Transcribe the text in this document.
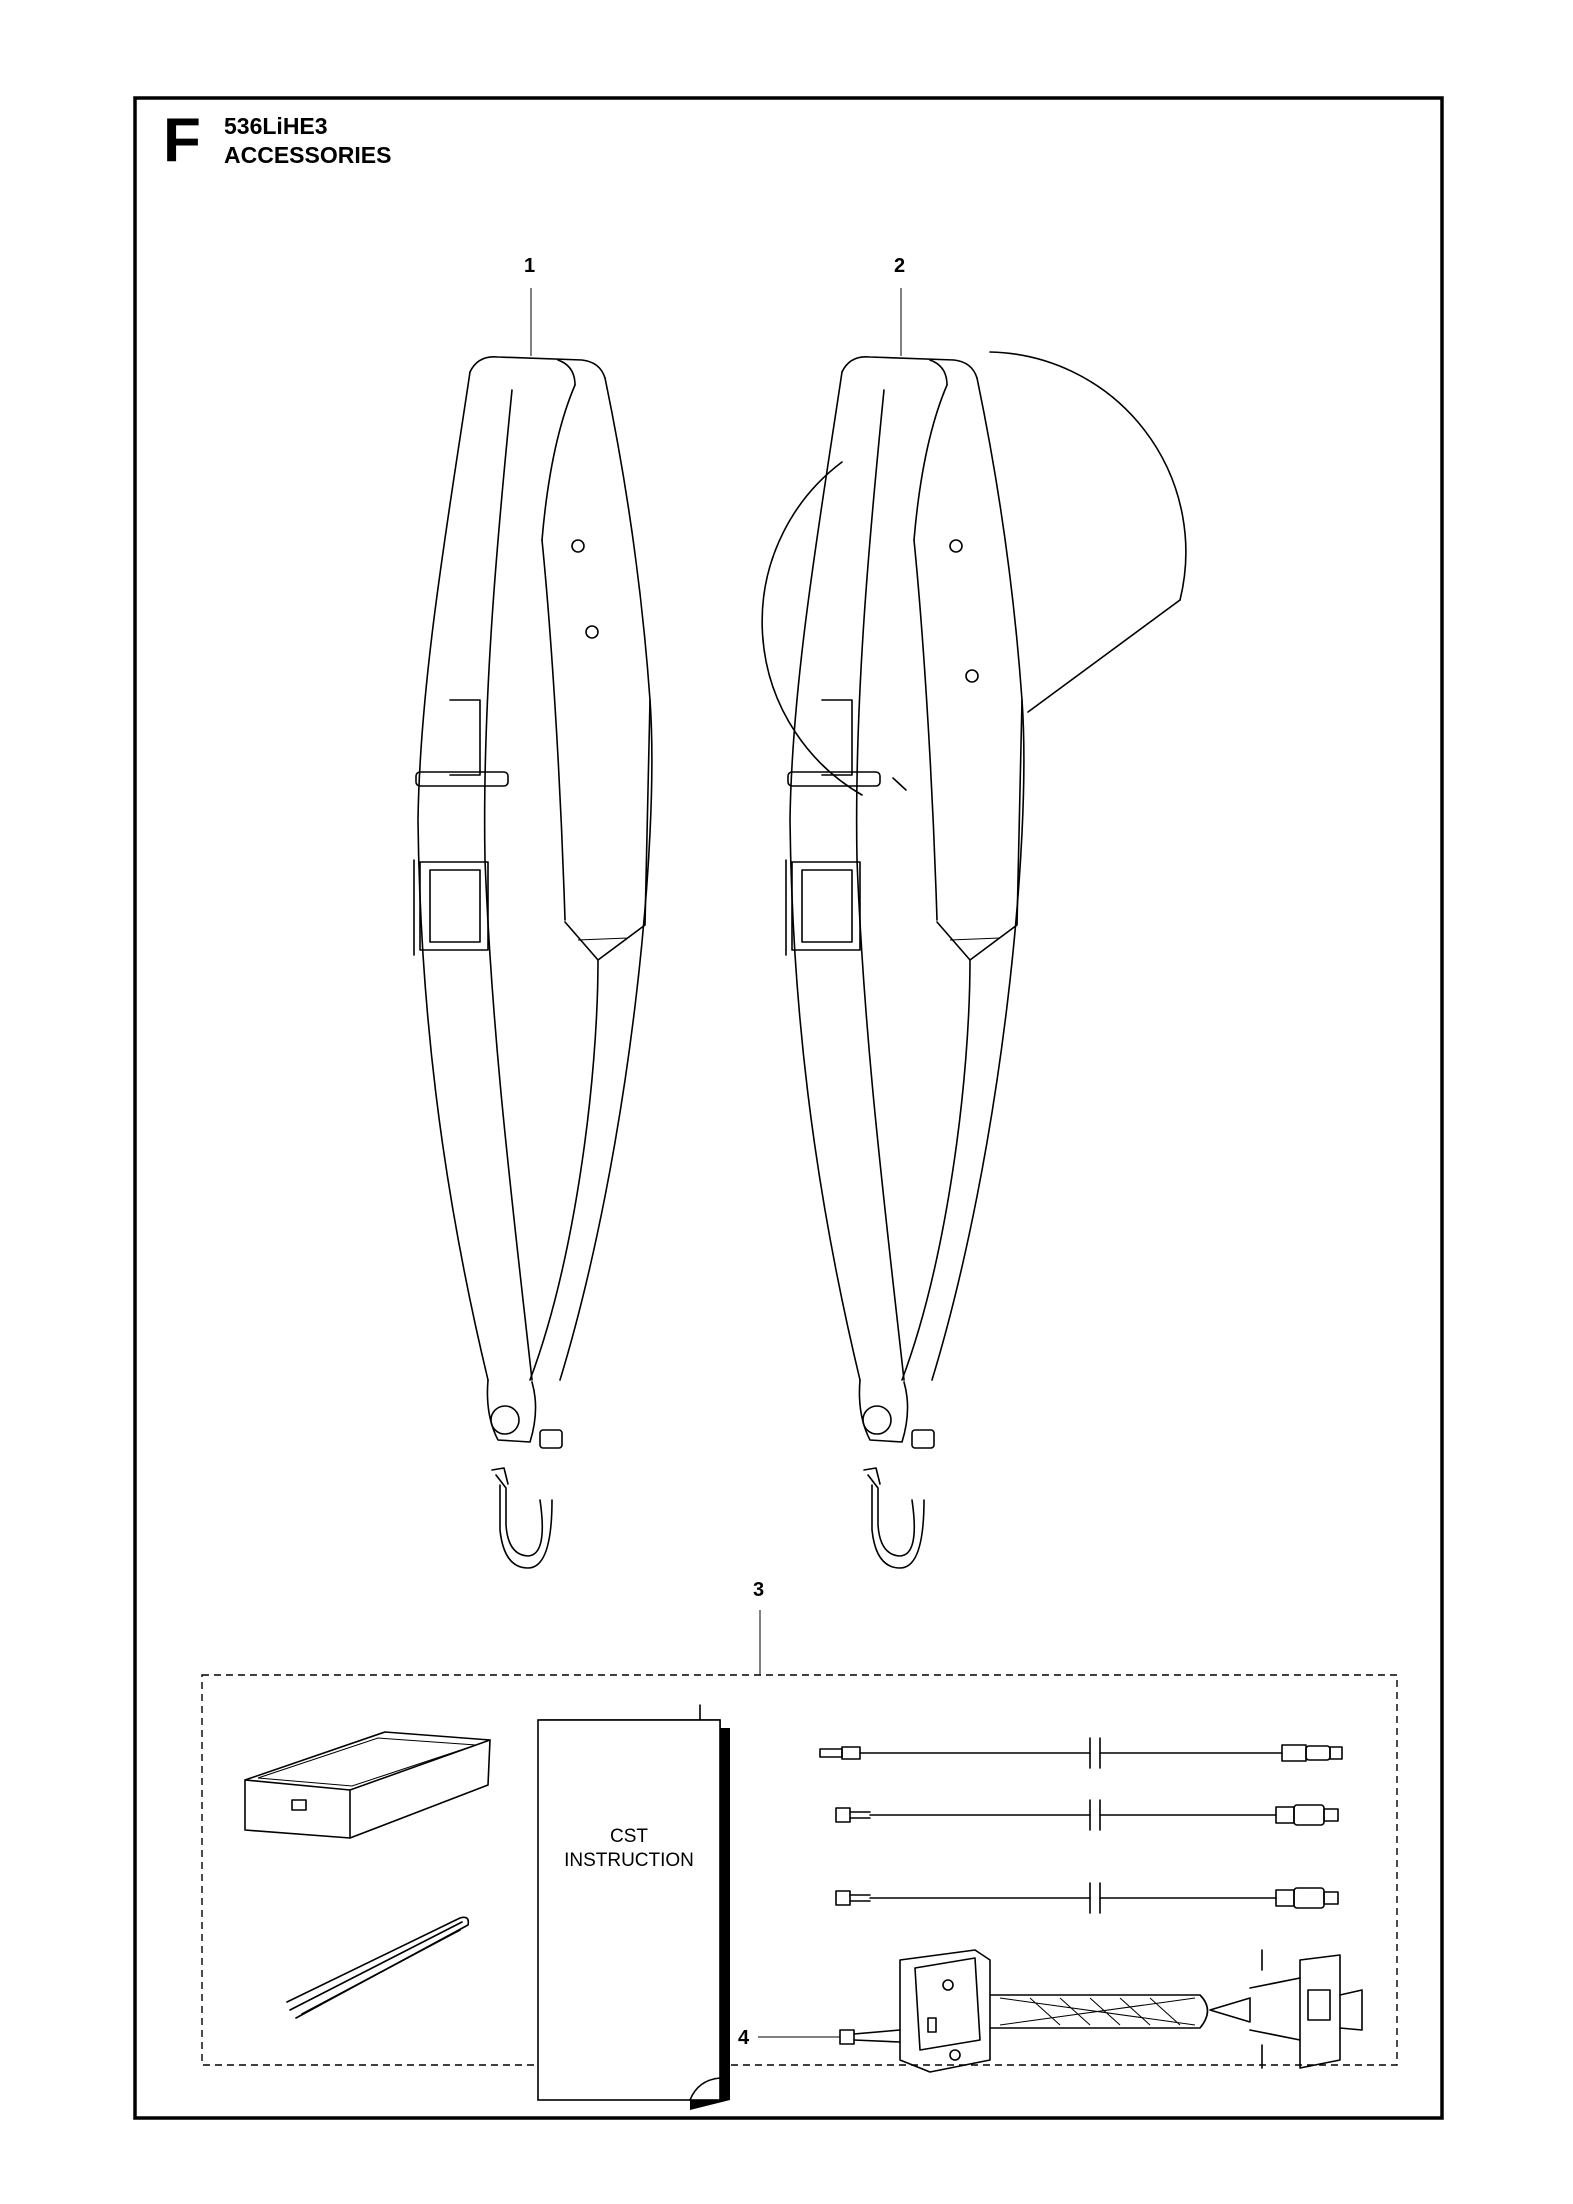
F 536LiHE3
ACCESSORIES
1	2
3
4
CST
INSTRUCTION
